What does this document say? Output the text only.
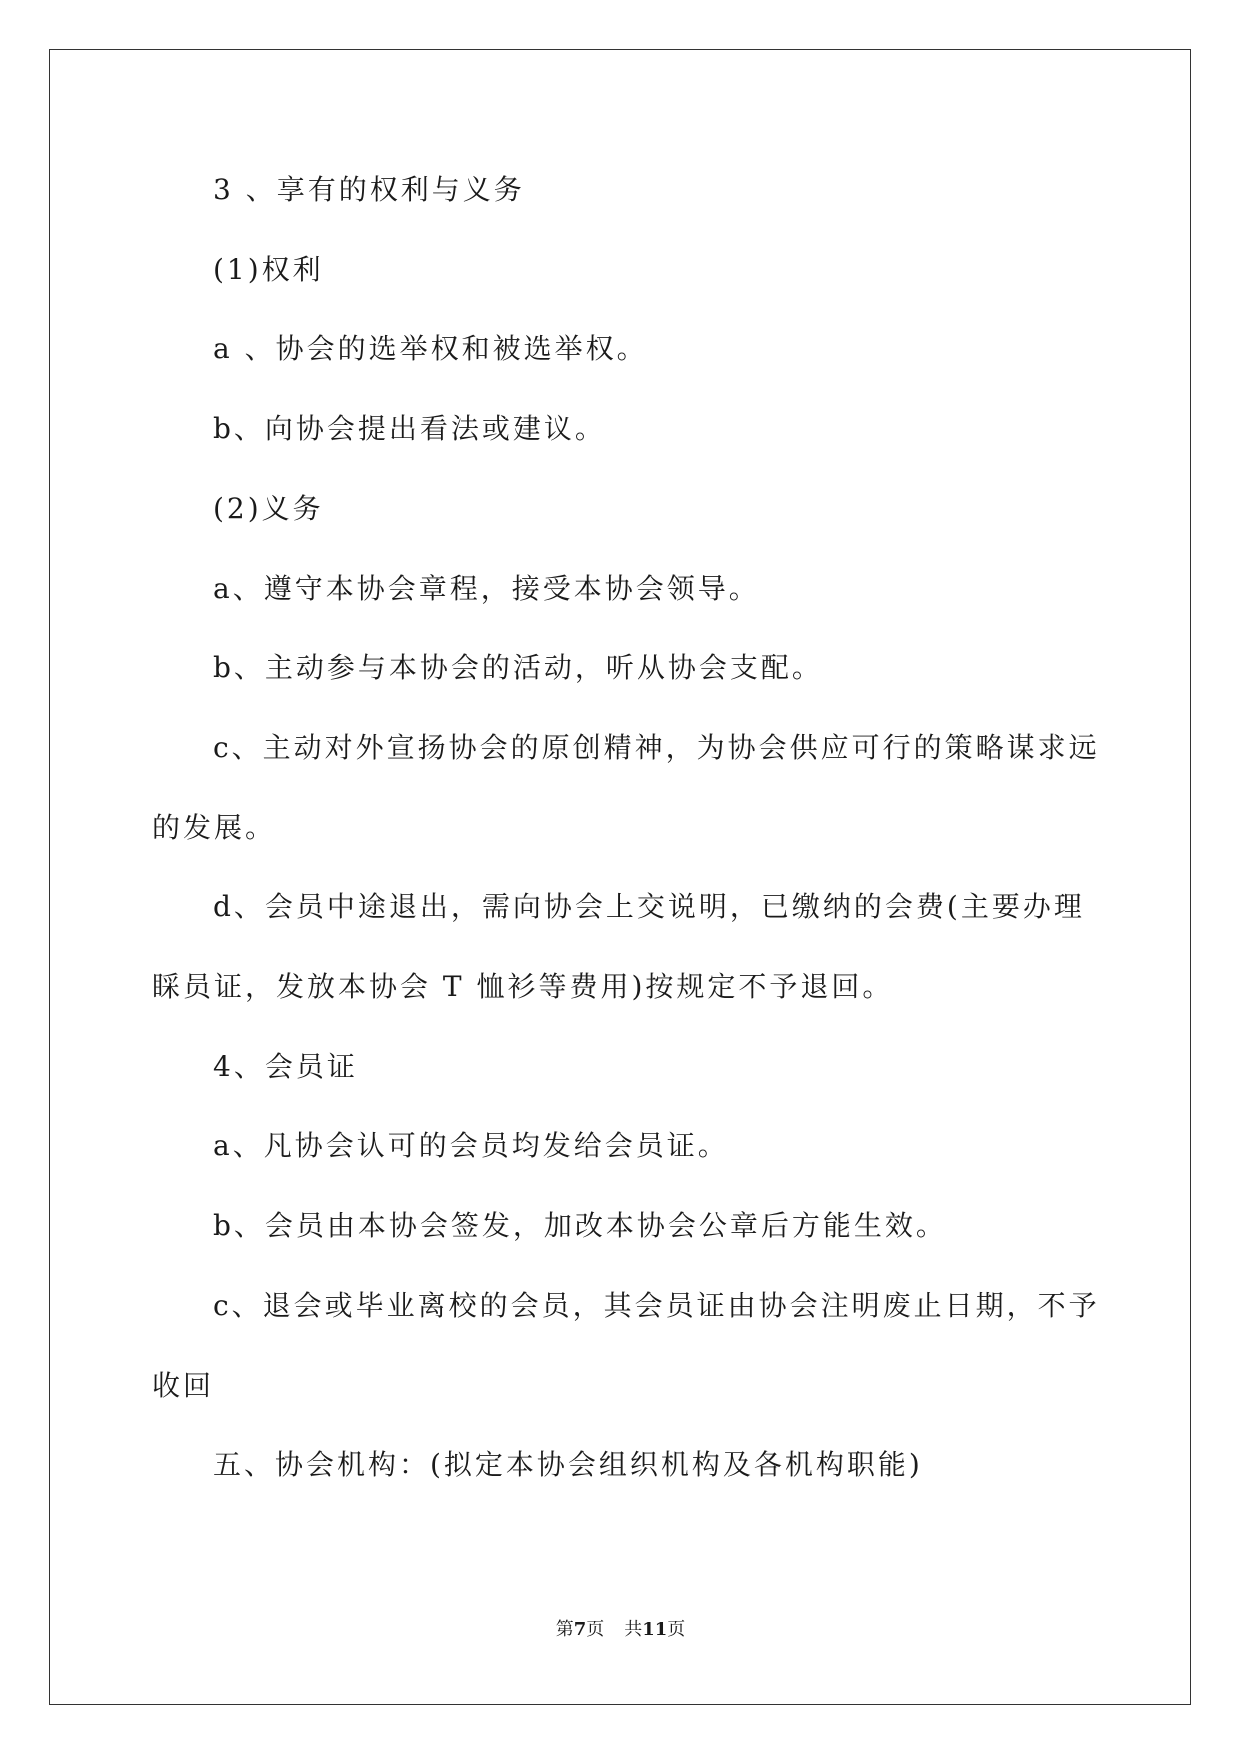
3 、享有的权利与义务
(1)权利
a 、协会的选举权和被选举权。
b、向协会提出看法或建议。
(2)义务
a、遵守本协会章程，接受本协会领导。
b、主动参与本协会的活动，听从协会支配。
c、主动对外宣扬协会的原创精神，为协会供应可行的策略谋求远
的发展。
d、会员中途退出，需向协会上交说明，已缴纳的会费(主要办理
睬员证，发放本协会 T 恤衫等费用)按规定不予退回。
4、会员证
a、凡协会认可的会员均发给会员证。
b、会员由本协会签发，加改本协会公章后方能生效。
c、退会或毕业离校的会员，其会员证由协会注明废止日期，不予
收回
五、协会机构：(拟定本协会组织机构及各机构职能)
第7页 共11页
